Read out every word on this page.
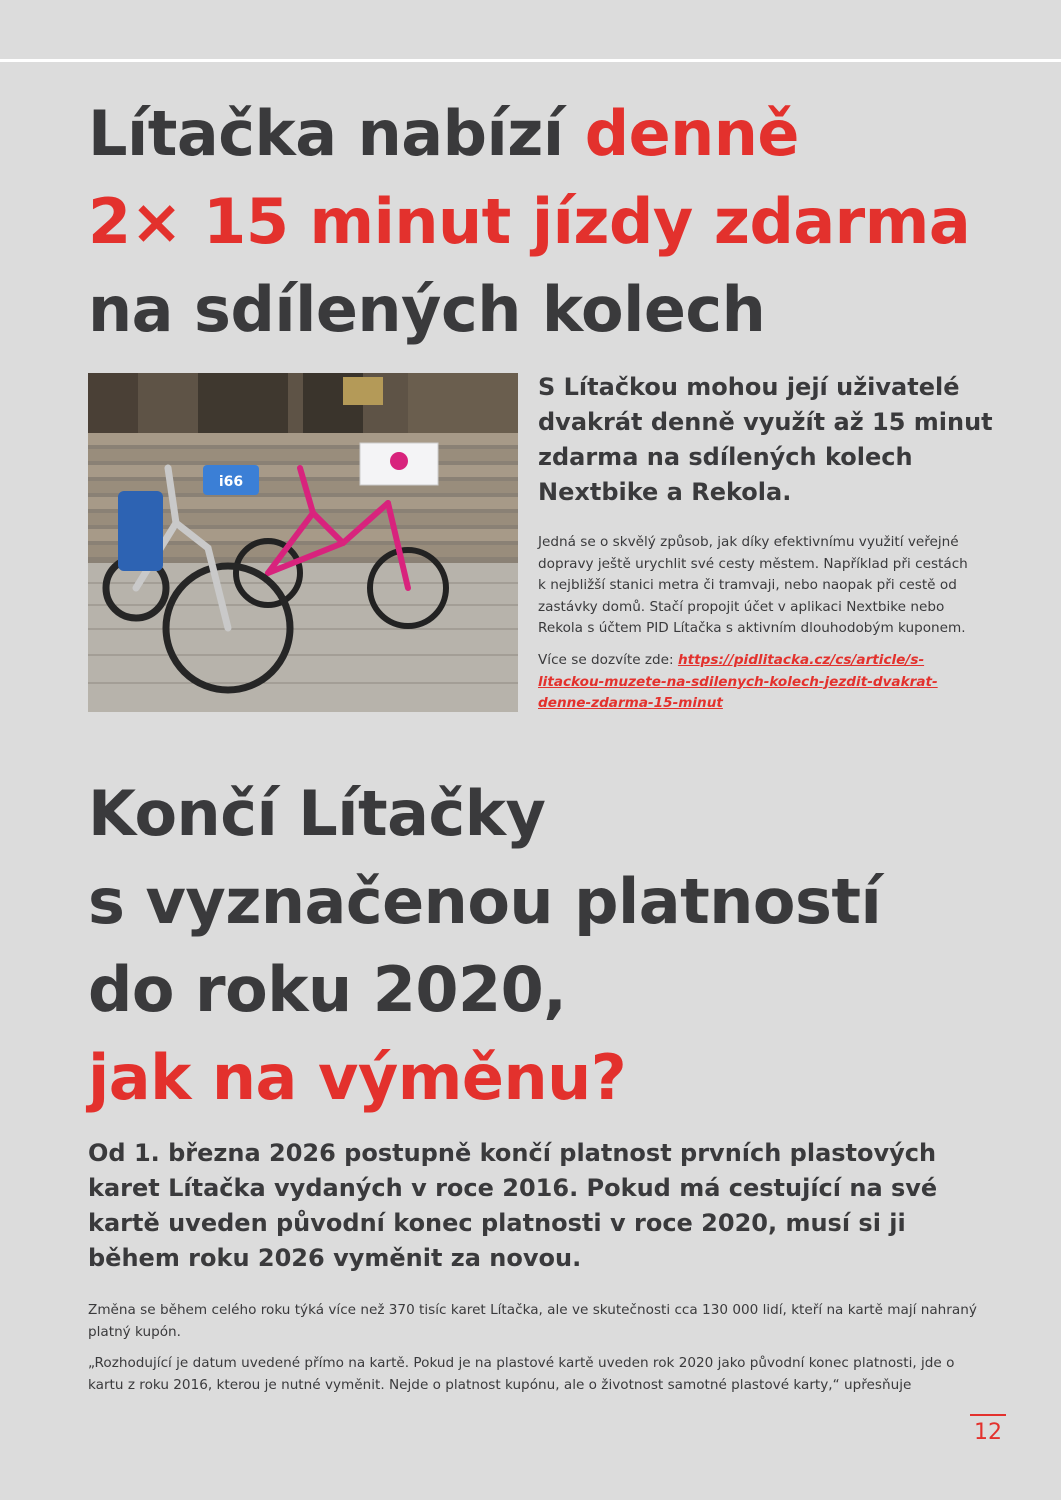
Lítačka nabízí denně
2× 15 minut jízdy zdarma
na sdílených kolech
i66

S Lítačkou mohou její uživatelé dvakrát denně využít až 15 minut zdarma na sdílených kolech Nextbike a Rekola.

Jedná se o skvělý způsob, jak díky efektivnímu využití veřejné dopravy ještě urychlit své cesty městem. Například při cestách k nejbližší stanici metra či tramvaji, nebo naopak při cestě od zastávky domů. Stačí propojit účet v aplikaci Nextbike nebo Rekola s účtem PID Lítačka s aktivním dlouhodobým kuponem.

Více se dozvíte zde: https://pidlitacka.cz/cs/article/s-litackou-muzete-na-sdilenych-kolech-jezdit-dvakrat-denne-zdarma-15-minut

Končí Lítačky
s vyznačenou platností
do roku 2020,
jak na výměnu?

Od 1. března 2026 postupně končí platnost prvních plastových karet Lítačka vydaných v roce 2016. Pokud má cestující na své kartě uveden původní konec platnosti v roce 2020, musí si ji během roku 2026 vyměnit za novou.

Změna se během celého roku týká více než 370 tisíc karet Lítačka, ale ve skutečnosti cca 130 000 lidí, kteří na kartě mají nahraný platný kupón.

„Rozhodující je datum uvedené přímo na kartě. Pokud je na plastové kartě uveden rok 2020 jako původní konec platnosti, jde o kartu z roku 2016, kterou je nutné vyměnit. Nejde o platnost kupónu, ale o životnost samotné plastové karty,“ upřesňuje

12
